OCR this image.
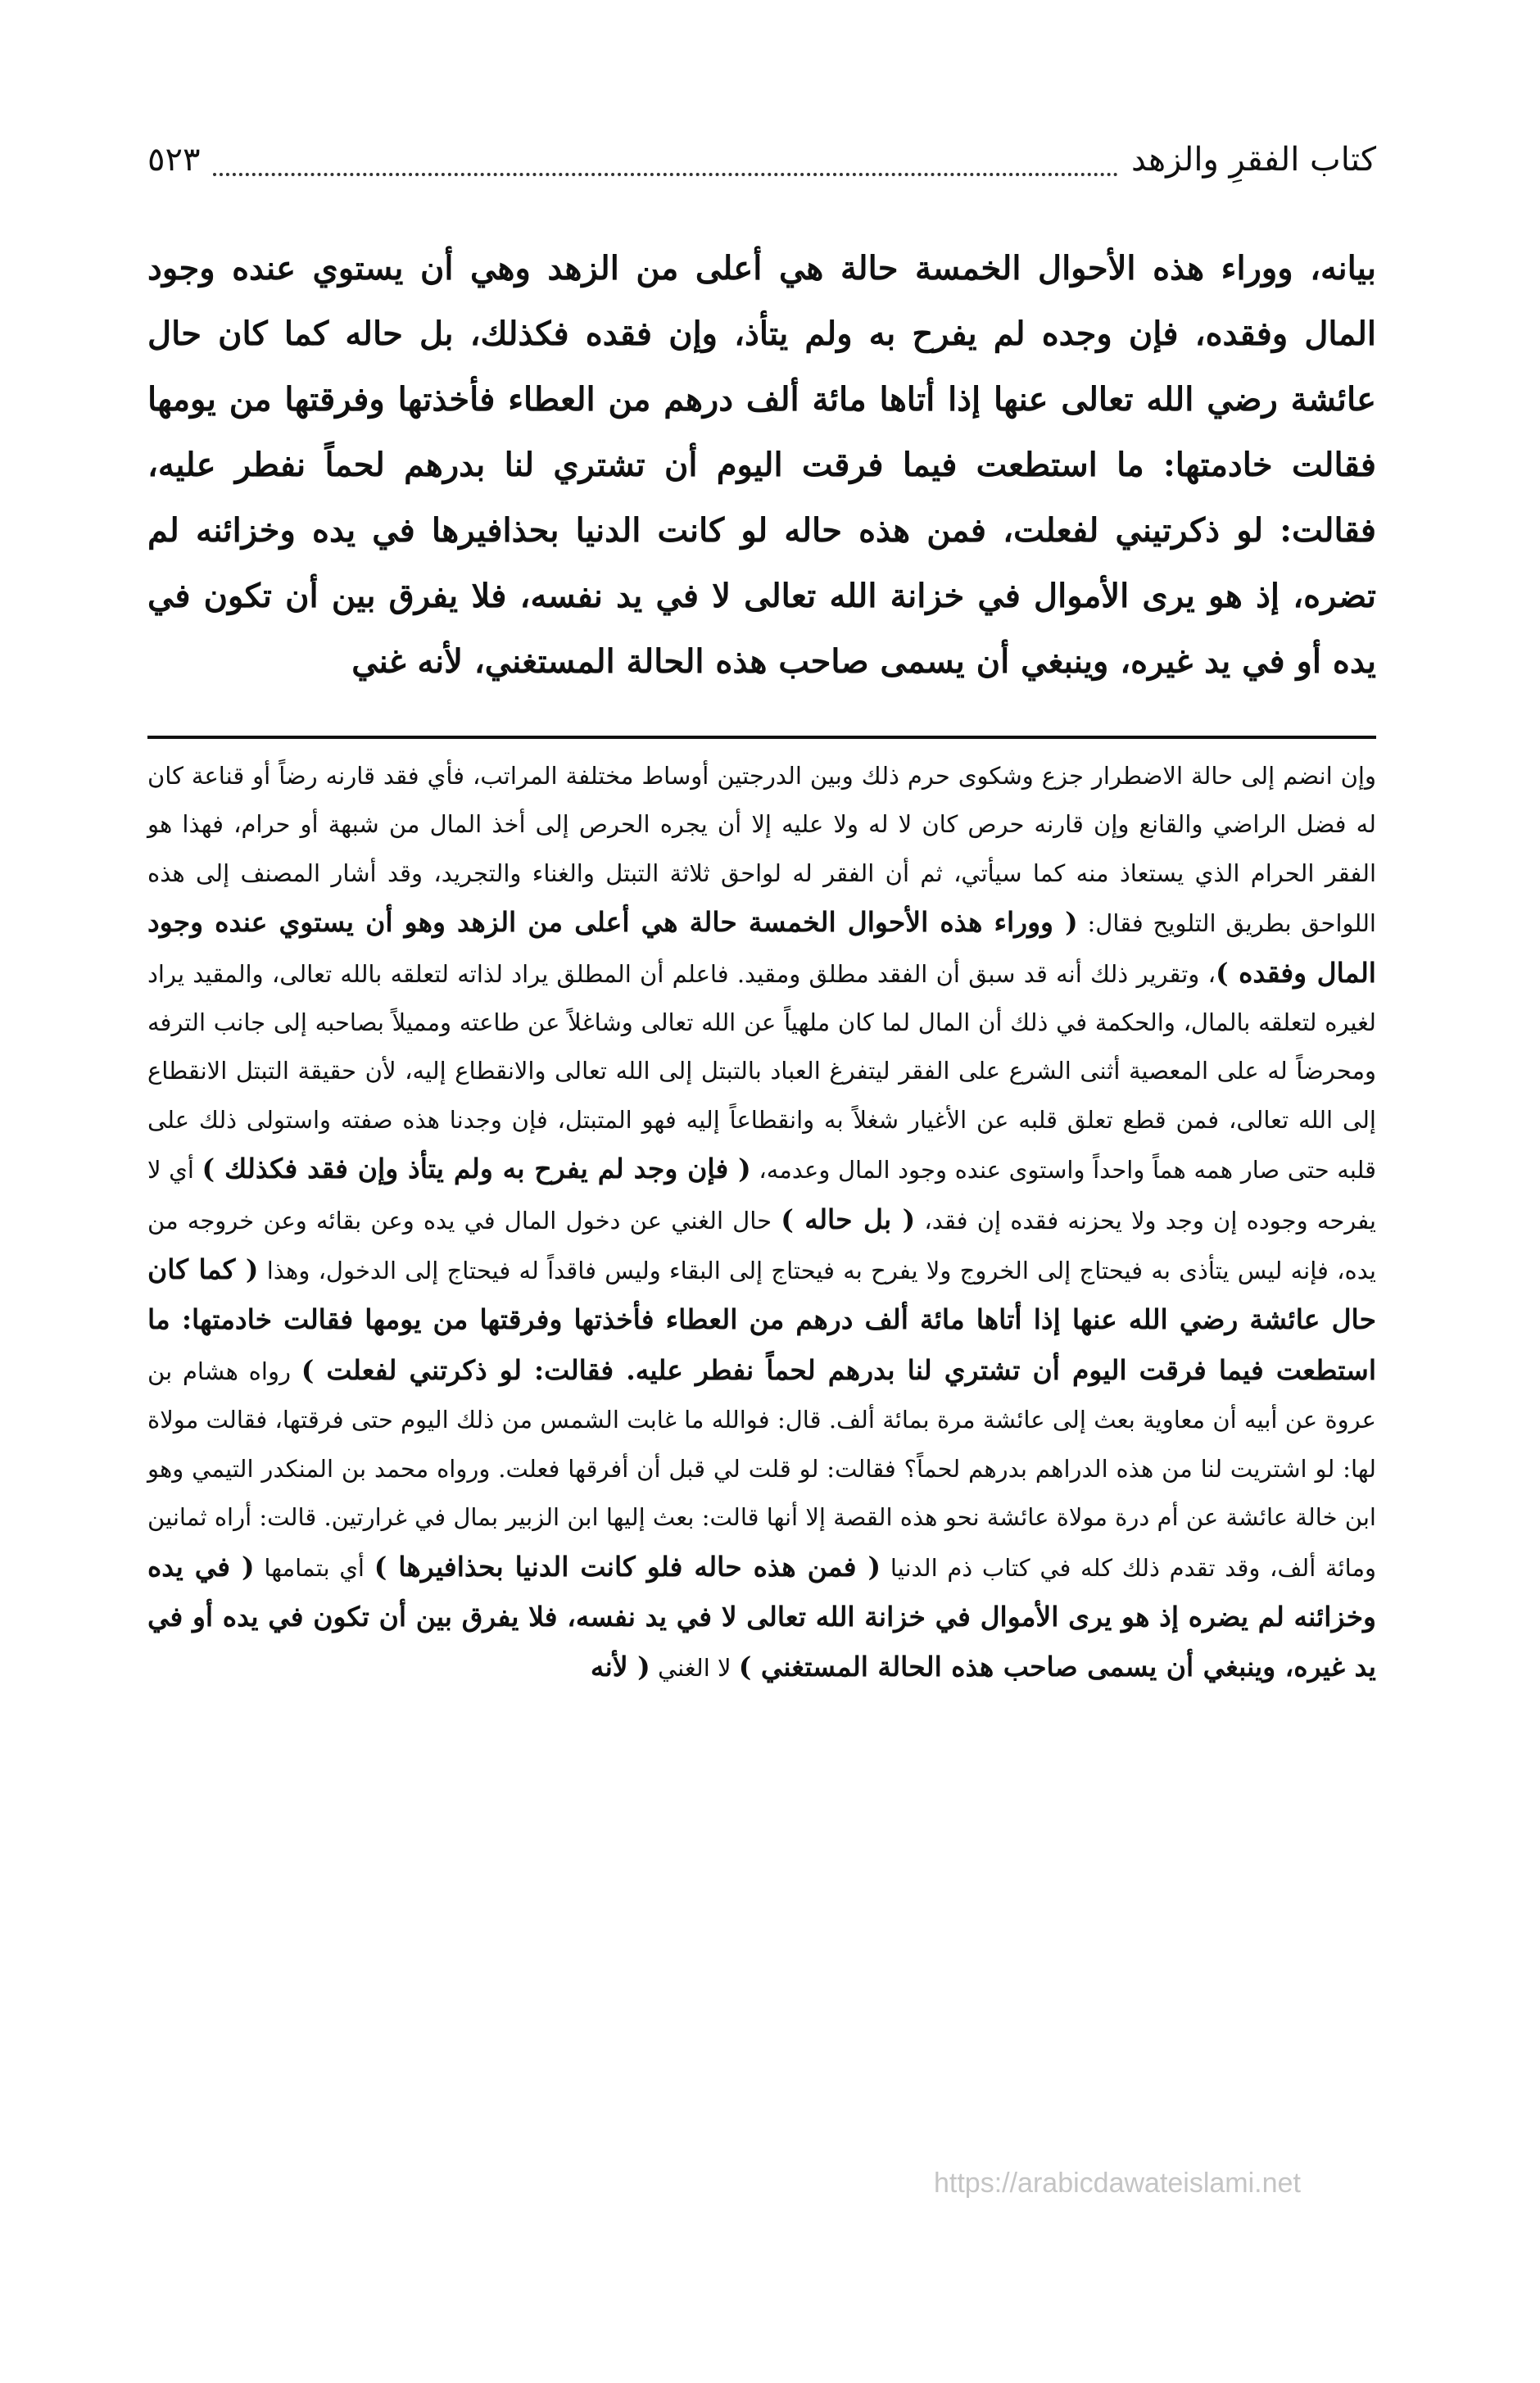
كتاب الفقرِ والزهد
٥٢٣

بيانه، ووراء هذه الأحوال الخمسة حالة هي أعلى من الزهد وهي أن يستوي عنده وجود المال وفقده، فإن وجده لم يفرح به ولم يتأذ، وإن فقده فكذلك، بل حاله كما كان حال عائشة رضي الله تعالى عنها إذا أتاها مائة ألف درهم من العطاء فأخذتها وفرقتها من يومها فقالت خادمتها: ما استطعت فيما فرقت اليوم أن تشتري لنا بدرهم لحماً نفطر عليه، فقالت: لو ذكرتيني لفعلت، فمن هذه حاله لو كانت الدنيا بحذافيرها في يده وخزائنه لم تضره، إذ هو يرى الأموال في خزانة الله تعالى لا في يد نفسه، فلا يفرق بين أن تكون في يده أو في يد غيره، وينبغي أن يسمى صاحب هذه الحالة المستغني، لأنه غني

وإن انضم إلى حالة الاضطرار جزع وشكوى حرم ذلك وبين الدرجتين أوساط مختلفة المراتب، فأي فقد قارنه رضاً أو قناعة كان له فضل الراضي والقانع وإن قارنه حرص كان لا له ولا عليه إلا أن يجره الحرص إلى أخذ المال من شبهة أو حرام، فهذا هو الفقر الحرام الذي يستعاذ منه كما سيأتي، ثم أن الفقر له لواحق ثلاثة التبتل والغناء والتجريد، وقد أشار المصنف إلى هذه اللواحق بطريق التلويح فقال: ( ووراء هذه الأحوال الخمسة حالة هي أعلى من الزهد وهو أن يستوي عنده وجود المال وفقده )، وتقرير ذلك أنه قد سبق أن الفقد مطلق ومقيد. فاعلم أن المطلق يراد لذاته لتعلقه بالله تعالى، والمقيد يراد لغيره لتعلقه بالمال، والحكمة في ذلك أن المال لما كان ملهياً عن الله تعالى وشاغلاً عن طاعته ومميلاً بصاحبه إلى جانب الترفه ومحرضاً له على المعصية أثنى الشرع على الفقر ليتفرغ العباد بالتبتل إلى الله تعالى والانقطاع إليه، لأن حقيقة التبتل الانقطاع إلى الله تعالى، فمن قطع تعلق قلبه عن الأغيار شغلاً به وانقطاعاً إليه فهو المتبتل، فإن وجدنا هذه صفته واستولى ذلك على قلبه حتى صار همه هماً واحداً واستوى عنده وجود المال وعدمه، ( فإن وجد لم يفرح به ولم يتأذ وإن فقد فكذلك ) أي لا يفرحه وجوده إن وجد ولا يحزنه فقده إن فقد، ( بل حاله ) حال الغني عن دخول المال في يده وعن بقائه وعن خروجه من يده، فإنه ليس يتأذى به فيحتاج إلى الخروج ولا يفرح به فيحتاج إلى البقاء وليس فاقداً له فيحتاج إلى الدخول، وهذا ( كما كان حال عائشة رضي الله عنها إذا أتاها مائة ألف درهم من العطاء فأخذتها وفرقتها من يومها فقالت خادمتها: ما استطعت فيما فرقت اليوم أن تشتري لنا بدرهم لحماً نفطر عليه. فقالت: لو ذكرتني لفعلت ) رواه هشام بن عروة عن أبيه أن معاوية بعث إلى عائشة مرة بمائة ألف. قال: فوالله ما غابت الشمس من ذلك اليوم حتى فرقتها، فقالت مولاة لها: لو اشتريت لنا من هذه الدراهم بدرهم لحماً؟ فقالت: لو قلت لي قبل أن أفرقها فعلت. ورواه محمد بن المنكدر التيمي وهو ابن خالة عائشة عن أم درة مولاة عائشة نحو هذه القصة إلا أنها قالت: بعث إليها ابن الزبير بمال في غرارتين. قالت: أراه ثمانين ومائة ألف، وقد تقدم ذلك كله في كتاب ذم الدنيا ( فمن هذه حاله فلو كانت الدنيا بحذافيرها ) أي بتمامها ( في يده وخزائنه لم يضره إذ هو يرى الأموال في خزانة الله تعالى لا في يد نفسه، فلا يفرق بين أن تكون في يده أو في يد غيره، وينبغي أن يسمى صاحب هذه الحالة المستغني ) لا الغني ( لأنه

https://arabicdawateislami.net
